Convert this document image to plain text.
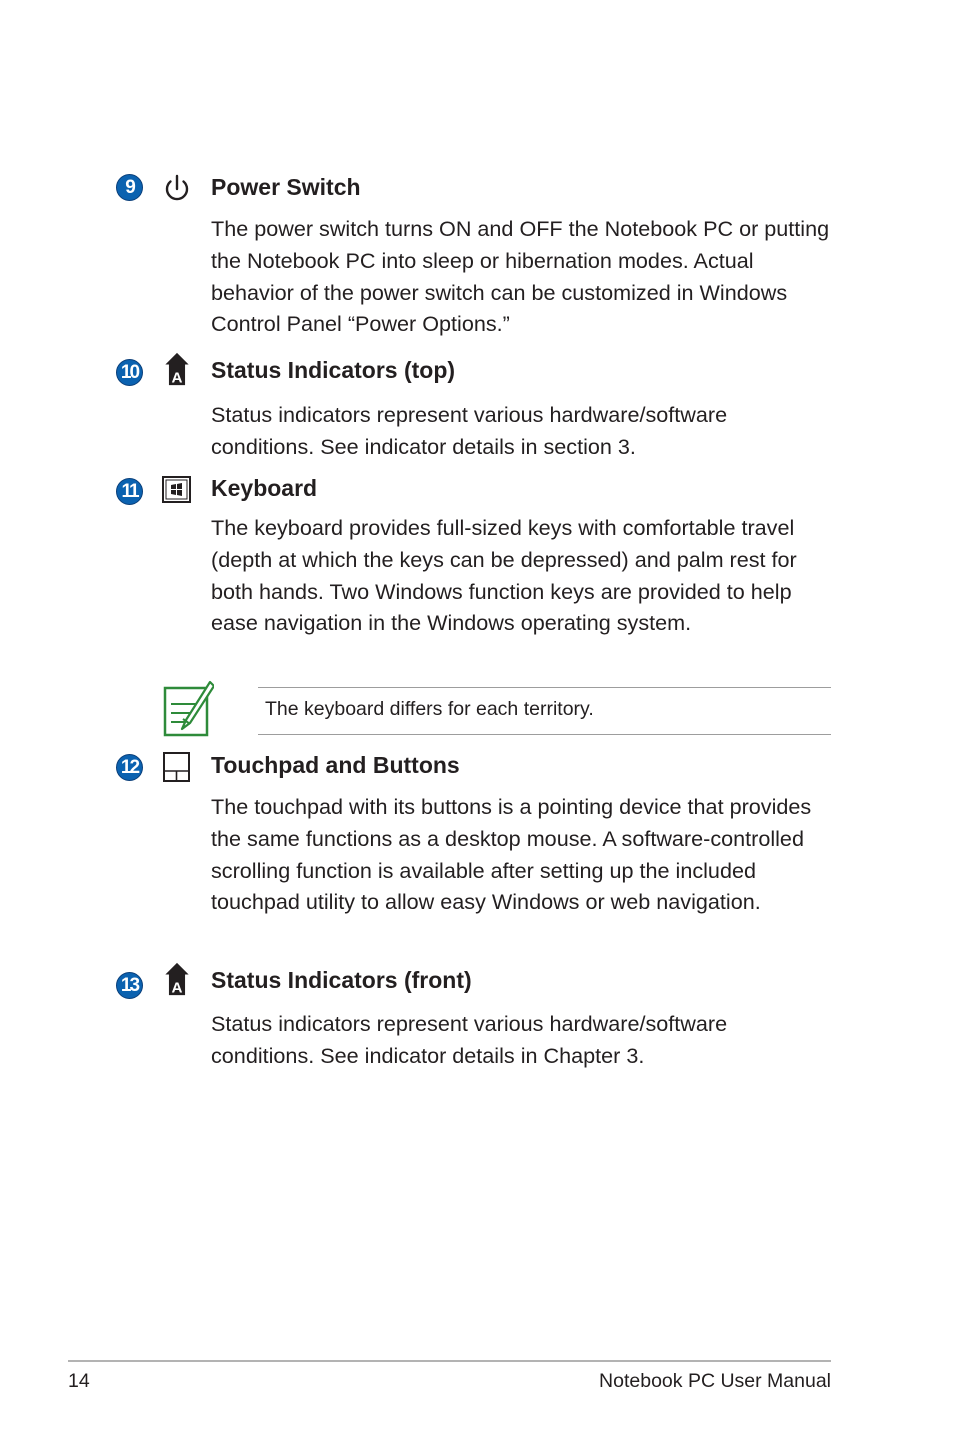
9	Power Switch

The power switch turns ON and OFF the Notebook PC or putting the Notebook PC into sleep or hibernation modes. Actual behavior of the power switch can be customized in Windows Control Panel “Power Options.”

10 A Status Indicators (top)

Status indicators represent various hardware/software conditions. See indicator details in section 3.

11	Keyboard

The keyboard provides full-sized keys with comfortable travel (depth at which the keys can be depressed) and palm rest for both hands. Two Windows function keys are provided to help ease navigation in the Windows operating system.

The keyboard differs for each territory.

12	Touchpad and Buttons

The touchpad with its buttons is a pointing device that provides the same functions as a desktop mouse. A software-controlled scrolling function is available after setting up the included touchpad utility to allow easy Windows or web navigation.

13 A Status Indicators (front)

Status indicators represent various hardware/software conditions. See indicator details in Chapter 3.

14	Notebook PC User Manual
